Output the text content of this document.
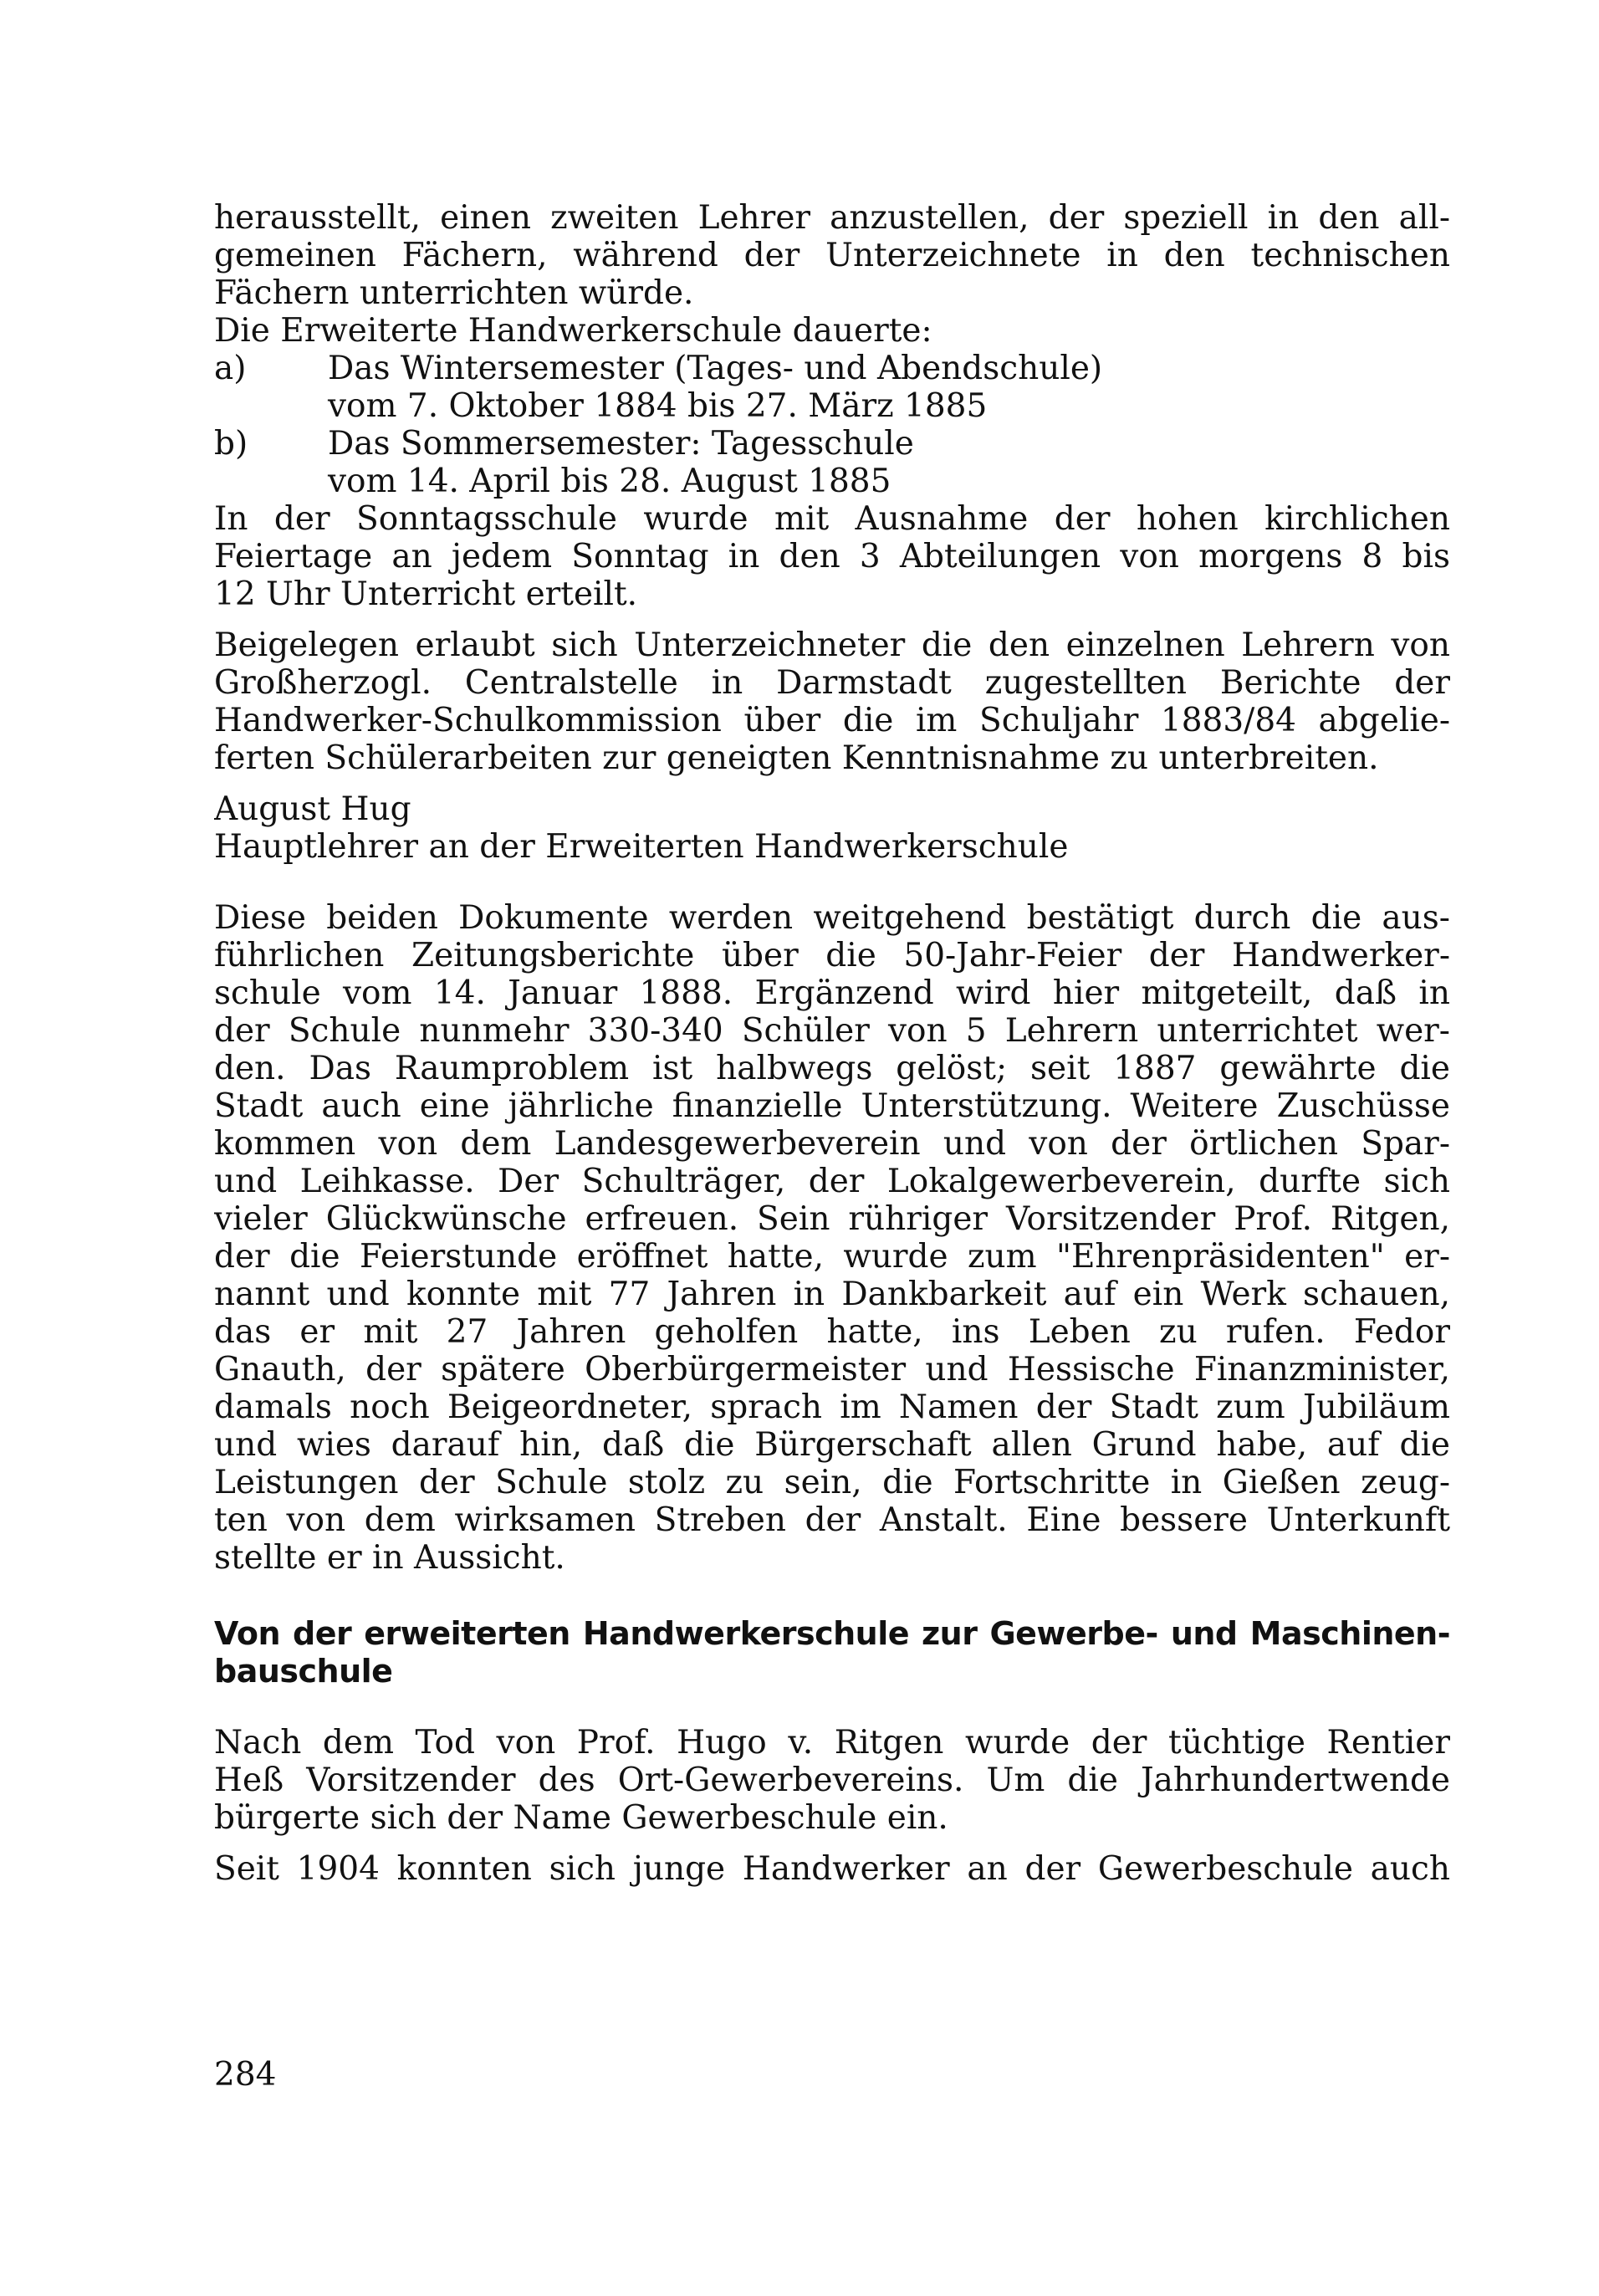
herausstellt, einen zweiten Lehrer anzustellen, der speziell in den all-
gemeinen Fächern, während der Unterzeichnete in den technischen
Fächern unterrichten würde.
Die Erweiterte Handwerkerschule dauerte:
a)	Das Wintersemester (Tages- und Abendschule)
vom 7. Oktober 1884 bis 27. März 1885
b) Das Sommersemester: Tagesschule
vom 14. April bis 28. August 1885
In der Sonntagsschule wurde mit Ausnahme der hohen kirchlichen
Feiertage an jedem Sonntag in den 3 Abteilungen von morgens 8 bis
12 Uhr Unterricht erteilt.
Beigelegen erlaubt sich Unterzeichneter die den einzelnen Lehrern von
Großherzogl. Centralstelle in Darmstadt zugestellten Berichte der
Handwerker-Schulkommission über die im Schuljahr 1883/84 abgelie-
ferten Schülerarbeiten zur geneigten Kenntnisnahme zu unterbreiten.
August Hug
Hauptlehrer an der Erweiterten Handwerkerschule
Diese beiden Dokumente werden weitgehend bestätigt durch die aus-
führlichen Zeitungsberichte über die 50-Jahr-Feier der Handwerker-
schule vom 14. Januar 1888. Ergänzend wird hier mitgeteilt, daß in
der Schule nunmehr 330-340 Schüler von 5 Lehrern unterrichtet wer-
den. Das Raumproblem ist halbwegs gelöst; seit 1887 gewährte die
Stadt auch eine jährliche finanzielle Unterstützung. Weitere Zuschüsse
kommen von dem Landesgewerbeverein und von der örtlichen Spar-
und Leihkasse. Der Schulträger, der Lokalgewerbeverein, durfte sich
vieler Glückwünsche erfreuen. Sein rühriger Vorsitzender Prof. Ritgen,
der die Feierstunde eröffnet hatte, wurde zum "Ehrenpräsidenten" er-
nannt und konnte mit 77 Jahren in Dankbarkeit auf ein Werk schauen,
das er mit 27 Jahren geholfen hatte, ins Leben zu rufen. Fedor
Gnauth, der spätere Oberbürgermeister und Hessische Finanzminister,
damals noch Beigeordneter, sprach im Namen der Stadt zum Jubiläum
und wies darauf hin, daß die Bürgerschaft allen Grund habe, auf die
Leistungen der Schule stolz zu sein, die Fortschritte in Gießen zeug-
ten von dem wirksamen Streben der Anstalt. Eine bessere Unterkunft
stellte er in Aussicht.
Von der erweiterten Handwerkerschule zur Gewerbe- und Maschinen-
bauschule
Nach dem Tod von Prof. Hugo v. Ritgen wurde der tüchtige Rentier
Heß Vorsitzender des Ort-Gewerbevereins. Um die Jahrhundertwende
bürgerte sich der Name Gewerbeschule ein.
Seit 1904 konnten sich junge Handwerker an der Gewerbeschule auch
284
